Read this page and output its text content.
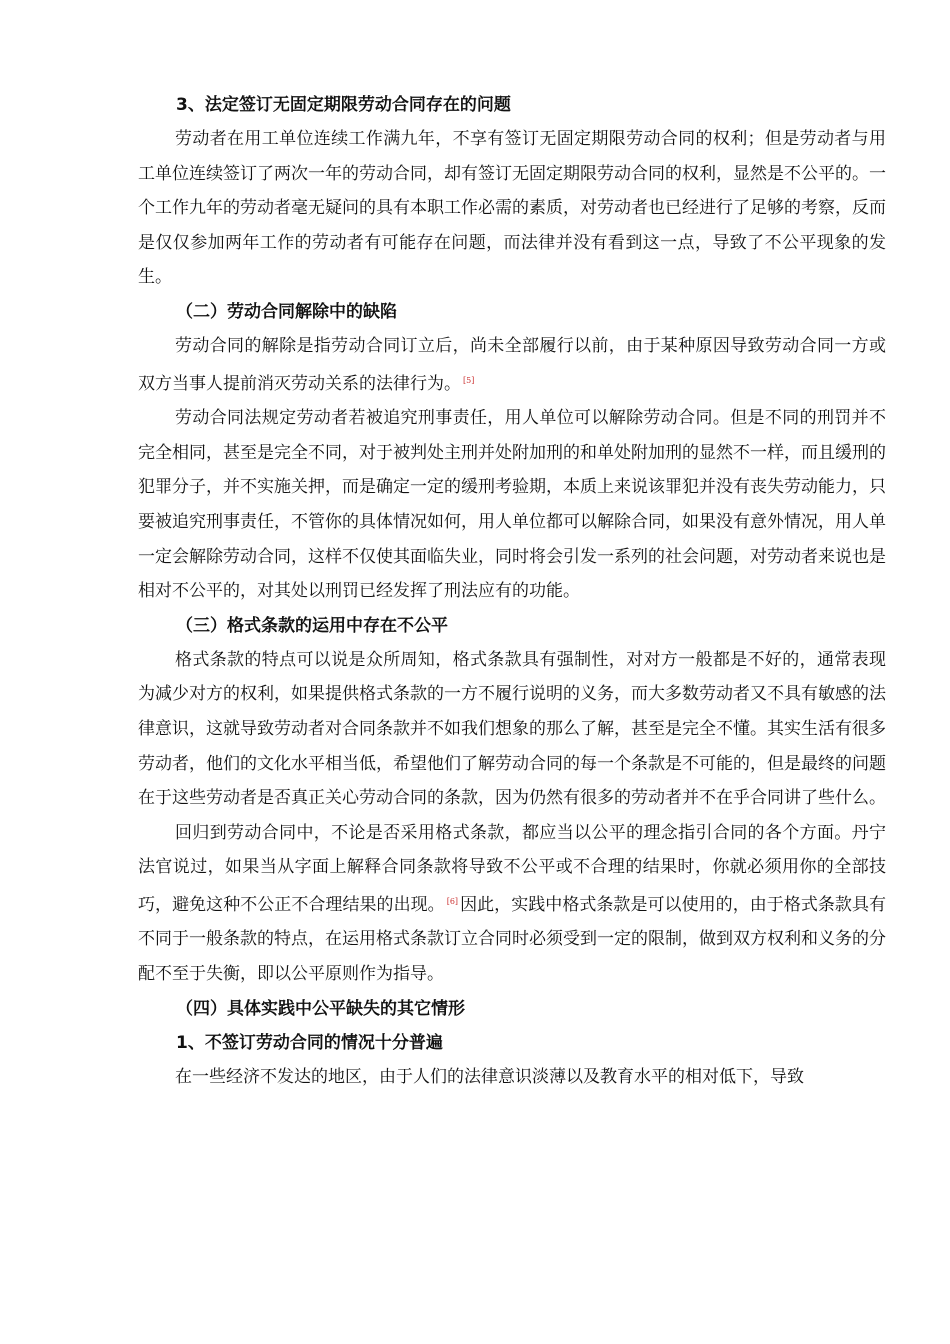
3、法定签订无固定期限劳动合同存在的问题

劳动者在用工单位连续工作满九年，不享有签订无固定期限劳动合同的权利；但是劳动者与用工单位连续签订了两次一年的劳动合同，却有签订无固定期限劳动合同的权利，显然是不公平的。一个工作九年的劳动者毫无疑问的具有本职工作必需的素质，对劳动者也已经进行了足够的考察，反而是仅仅参加两年工作的劳动者有可能存在问题，而法律并没有看到这一点，导致了不公平现象的发生。

（二）劳动合同解除中的缺陷

劳动合同的解除是指劳动合同订立后，尚未全部履行以前，由于某种原因导致劳动合同一方或双方当事人提前消灭劳动关系的法律行为。 [5]

劳动合同法规定劳动者若被追究刑事责任，用人单位可以解除劳动合同。但是不同的刑罚并不完全相同，甚至是完全不同，对于被判处主刑并处附加刑的和单处附加刑的显然不一样，而且缓刑的犯罪分子，并不实施关押，而是确定一定的缓刑考验期，本质上来说该罪犯并没有丧失劳动能力，只要被追究刑事责任，不管你的具体情况如何，用人单位都可以解除合同，如果没有意外情况，用人单一定会解除劳动合同，这样不仅使其面临失业，同时将会引发一系列的社会问题，对劳动者来说也是相对不公平的，对其处以刑罚已经发挥了刑法应有的功能。

（三）格式条款的运用中存在不公平

格式条款的特点可以说是众所周知，格式条款具有强制性，对对方一般都是不好的，通常表现为减少对方的权利，如果提供格式条款的一方不履行说明的义务，而大多数劳动者又不具有敏感的法律意识，这就导致劳动者对合同条款并不如我们想象的那么了解，甚至是完全不懂。其实生活有很多劳动者，他们的文化水平相当低，希望他们了解劳动合同的每一个条款是不可能的，但是最终的问题在于这些劳动者是否真正关心劳动合同的条款，因为仍然有很多的劳动者并不在乎合同讲了些什么。

回归到劳动合同中，不论是否采用格式条款，都应当以公平的理念指引合同的各个方面。丹宁法官说过，如果当从字面上解释合同条款将导致不公平或不合理的结果时，你就必须用你的全部技巧，避免这种不公正不合理结果的出现。 [6] 因此，实践中格式条款是可以使用的，由于格式条款具有不同于一般条款的特点，在运用格式条款订立合同时必须受到一定的限制，做到双方权利和义务的分配不至于失衡，即以公平原则作为指导。

（四）具体实践中公平缺失的其它情形

1、不签订劳动合同的情况十分普遍

在一些经济不发达的地区，由于人们的法律意识淡薄以及教育水平的相对低下，导致
